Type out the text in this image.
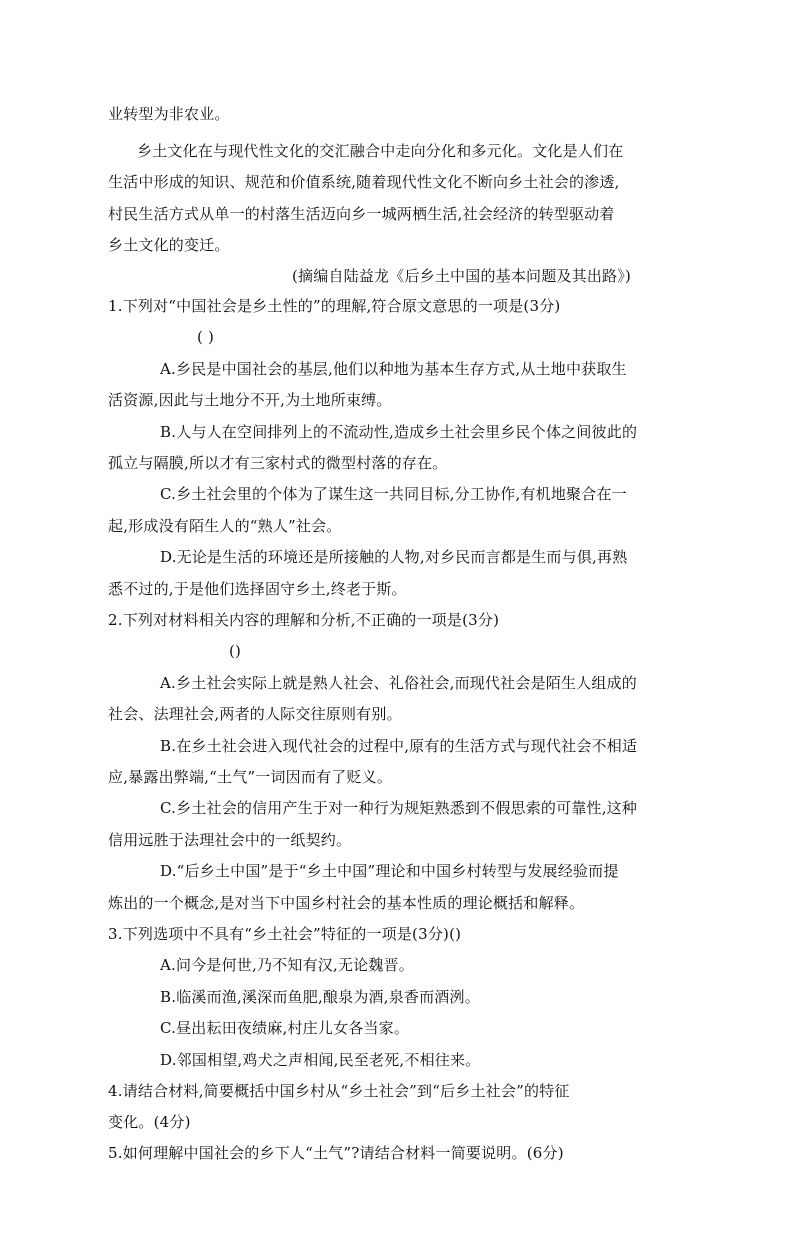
业转型为非农业。
乡土文化在与现代性文化的交汇融合中走向分化和多元化。文化是人们在
生活中形成的知识、规范和价值系统,随着现代性文化不断向乡土社会的渗透,
村民生活方式从单一的村落生活迈向乡一城两栖生活,社会经济的转型驱动着
乡土文化的变迁。
(摘编自陆益龙《后乡土中国的基本问题及其出路》)
1.下列对“中国社会是乡土性的”的理解,符合原文意思的一项是(3分)
( )
A.乡民是中国社会的基层,他们以种地为基本生存方式,从土地中获取生
活资源,因此与土地分不开,为土地所束缚。
B.人与人在空间排列上的不流动性,造成乡土社会里乡民个体之间彼此的
孤立与隔膜,所以才有三家村式的微型村落的存在。
C.乡土社会里的个体为了谋生这一共同目标,分工协作,有机地聚合在一
起,形成没有陌生人的“熟人”社会。
D.无论是生活的环境还是所接触的人物,对乡民而言都是生而与俱,再熟
悉不过的,于是他们选择固守乡土,终老于斯。
2.下列对材料相关内容的理解和分析,不正确的一项是(3分)
()
A.乡土社会实际上就是熟人社会、礼俗社会,而现代社会是陌生人组成的
社会、法理社会,两者的人际交往原则有别。
B.在乡土社会进入现代社会的过程中,原有的生活方式与现代社会不相适
应,暴露出弊端,“土气”一词因而有了贬义。
C.乡土社会的信用产生于对一种行为规矩熟悉到不假思索的可靠性,这种
信用远胜于法理社会中的一纸契约。
D.“后乡土中国”是于“乡土中国”理论和中国乡村转型与发展经验而提
炼出的一个概念,是对当下中国乡村社会的基本性质的理论概括和解释。
3.下列选项中不具有“乡土社会”特征的一项是(3分)()
A.问今是何世,乃不知有汉,无论魏晋。
B.临溪而渔,溪深而鱼肥,酿泉为酒,泉香而酒洌。
C.昼出耘田夜绩麻,村庄儿女各当家。
D.邻国相望,鸡犬之声相闻,民至老死,不相往来。
4.请结合材料,简要概括中国乡村从“乡土社会”到“后乡土社会”的特征
变化。(4分)
5.如何理解中国社会的乡下人“土气”?请结合材料一简要说明。(6分)
